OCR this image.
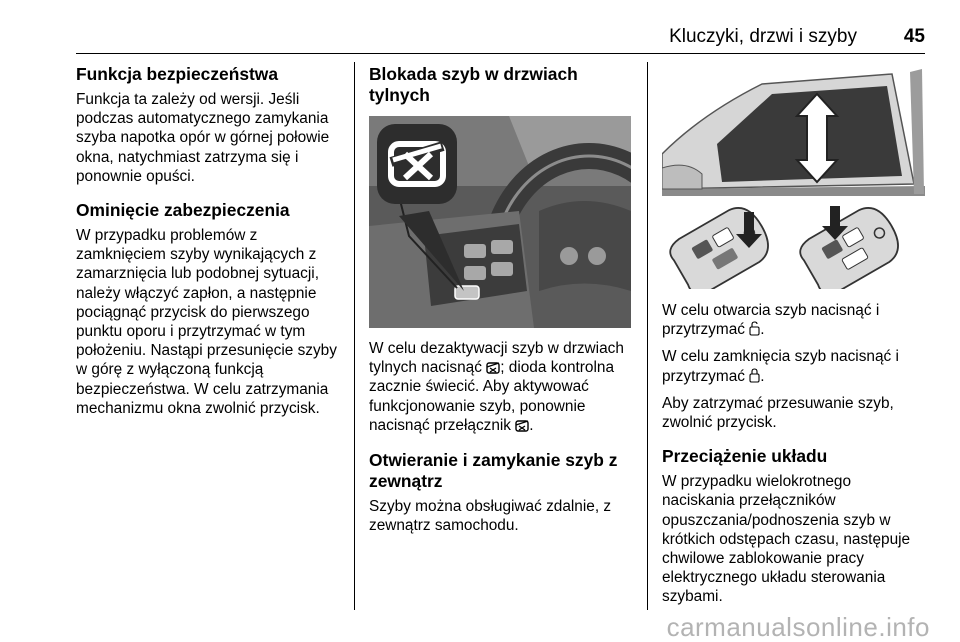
Kluczyki, drzwi i szyby 45
Funkcja bezpieczeństwa

Funkcja ta zależy od wersji. Jeśli podczas automatycznego zamykania szyba napotka opór w górnej połowie okna, natychmiast zatrzyma się i ponownie opuści.

Ominięcie zabezpieczenia

W przypadku problemów z zamknięciem szyby wynikających z zamarznięcia lub podobnej sytuacji, należy włączyć zapłon, a następnie pociągnąć przycisk do pierwszego punktu oporu i przytrzymać w tym położeniu. Nastąpi przesunięcie szyby w górę z wyłączoną funkcją bezpieczeństwa. W celu zatrzymania mechanizmu okna zwolnić przycisk.

Blokada szyb w drzwiach tylnych

W celu dezaktywacji szyb w drzwiach tylnych nacisnąć ; dioda kontrolna zacznie świecić. Aby aktywować funkcjonowanie szyb, ponownie nacisnąć przełącznik .

Otwieranie i zamykanie szyb z zewnątrz

Szyby można obsługiwać zdalnie, z zewnątrz samochodu.

W celu otwarcia szyb nacisnąć i przytrzymać .

W celu zamknięcia szyb nacisnąć i przytrzymać .

Aby zatrzymać przesuwanie szyb, zwolnić przycisk.

Przeciążenie układu

W przypadku wielokrotnego naciskania przełączników opuszczania/podnoszenia szyb w krótkich odstępach czasu, następuje chwilowe zablokowanie pracy elektrycznego układu sterowania szybami.

carmanualsonline.info
